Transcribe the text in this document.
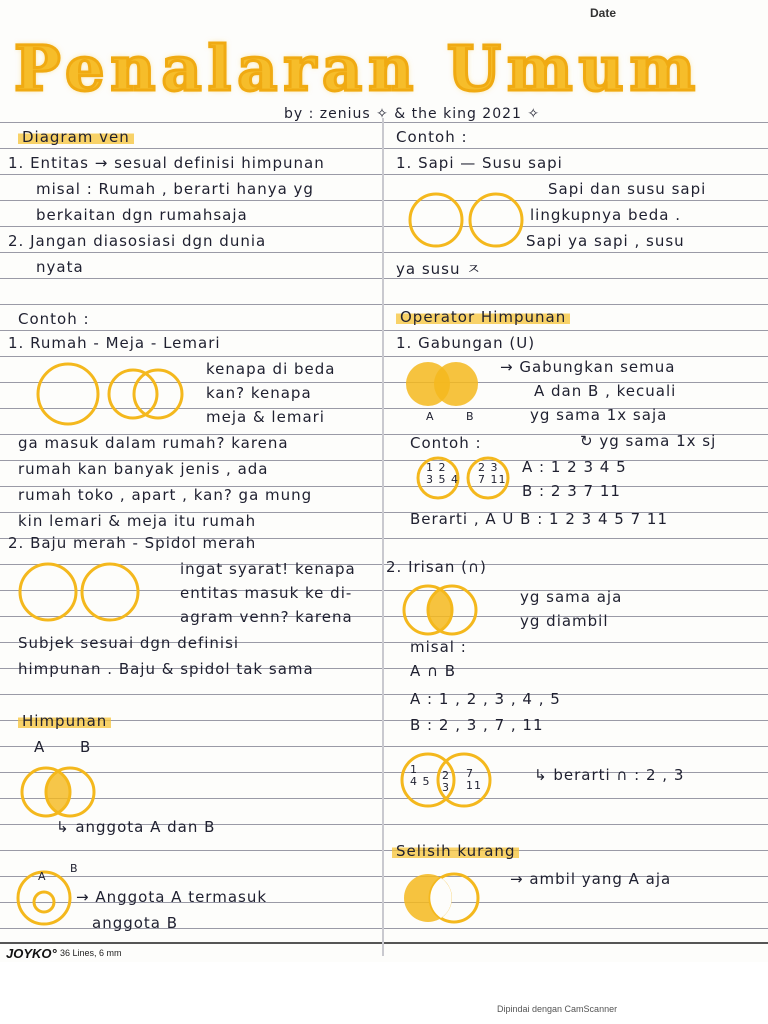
Date
Penalaran Umum
by : zenius ✧ & the king 2021 ✧
Diagram ven
1. Entitas → sesual definisi himpunan
misal : Rumah , berarti hanya yg
berkaitan dgn rumahsaja
2. Jangan diasosiasi dgn dunia
nyata
Contoh :
1. Rumah - Meja - Lemari
kenapa di beda
kan? kenapa
meja & lemari
ga masuk dalam rumah? karena
rumah kan banyak jenis , ada
rumah toko , apart , kan? ga mung
kin lemari & meja itu rumah
2. Baju merah - Spidol merah
ingat syarat! kenapa
entitas masuk ke di-
agram venn? karena
Subjek sesuai dgn definisi
himpunan . Baju & spidol tak sama
Himpunan
A B
↳ anggota A dan B
B
A
→ Anggota A termasuk
anggota B
Contoh :
1. Sapi — Susu sapi
Sapi dan susu sapi
lingkupnya beda .
Sapi ya sapi , susu
ya susu ㅈ
Operator Himpunan
1. Gabungan (U)
A	B
→ Gabungkan semua
A dan B , kecuali
yg sama 1x saja
Contoh :	↻ yg sama 1x sj
1 2
3 5 4
2 3
7 11
A : 1 2 3 4 5
B : 2 3 7 11
Berarti , A U B : 1 2 3 4 5 7 11
2. Irisan (∩)
yg sama aja
yg diambil
misal :
A ∩ B
A : 1 , 2 , 3 , 4 , 5
B : 2 , 3 , 7 , 11
1
4 5 2
3
7
11
↳ berarti ∩ : 2 , 3
Selisih kurang
→ ambil yang A aja
JOYKO° 36 Lines, 6 mm
Dipindai dengan CamScanner
